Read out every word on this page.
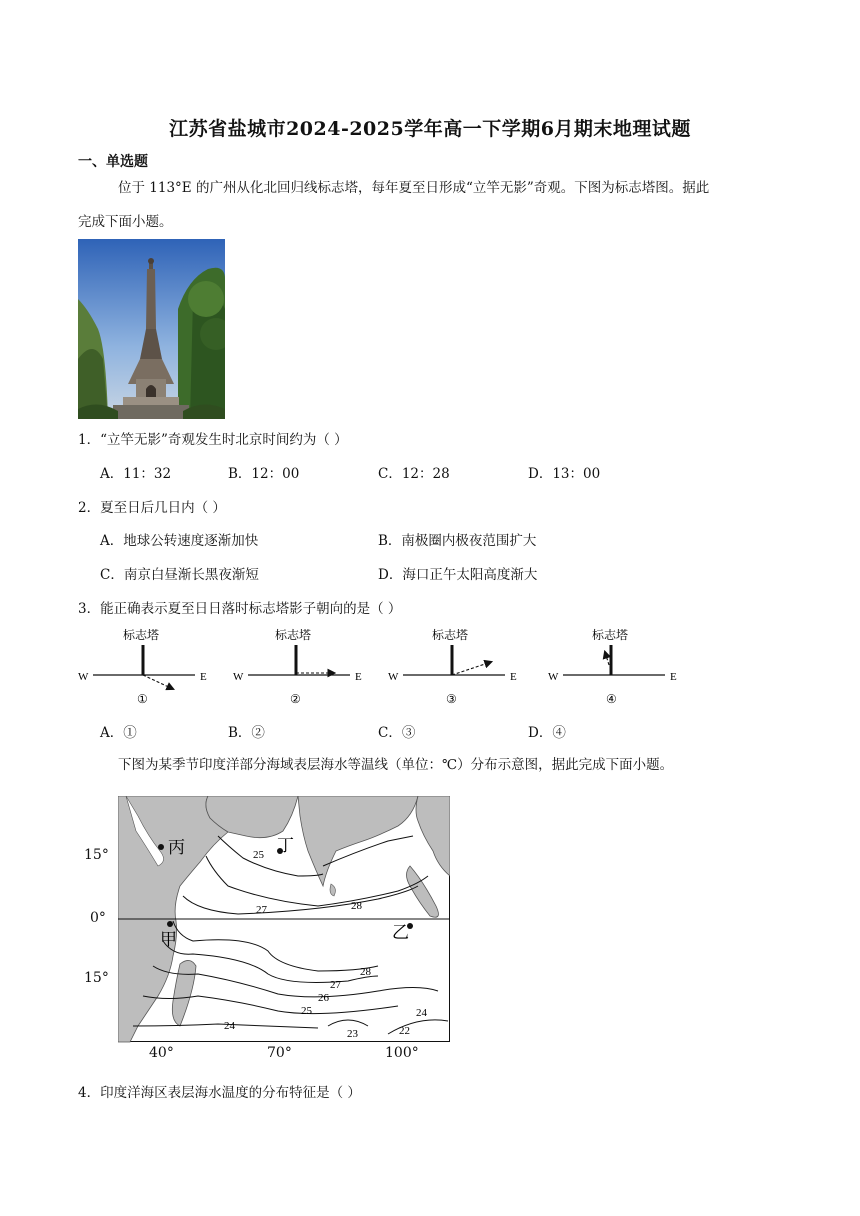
江苏省盐城市2024-2025学年高一下学期6月期末地理试题
一、单选题
位于 113°E 的广州从化北回归线标志塔，每年夏至日形成“立竿无影”奇观。下图为标志塔图。据此
完成下面小题。
1．“立竿无影”奇观发生时北京时间约为（ ）
A．11：32	B．12：00	C．12：28	D．13：00
2．夏至日后几日内（ ）
A．地球公转速度逐渐加快	B．南极圈内极夜范围扩大
C．南京白昼渐长黑夜渐短	D．海口正午太阳高度渐大
3．能正确表示夏至日日落时标志塔影子朝向的是（ ）
标志塔
W	E
①
标志塔
W	E
②
标志塔
W	E
③
标志塔
W	E
④
A．①	B．②	C．③	D．④
下图为某季节印度洋部分海域表层海水等温线（单位：℃）分布示意图，据此完成下面小题。
15°
0°
15°
40°	70°	100°
25
27	28
28
27
26
25
24
24
23	22
丙	丁
甲	乙
4．印度洋海区表层海水温度的分布特征是（ ）
